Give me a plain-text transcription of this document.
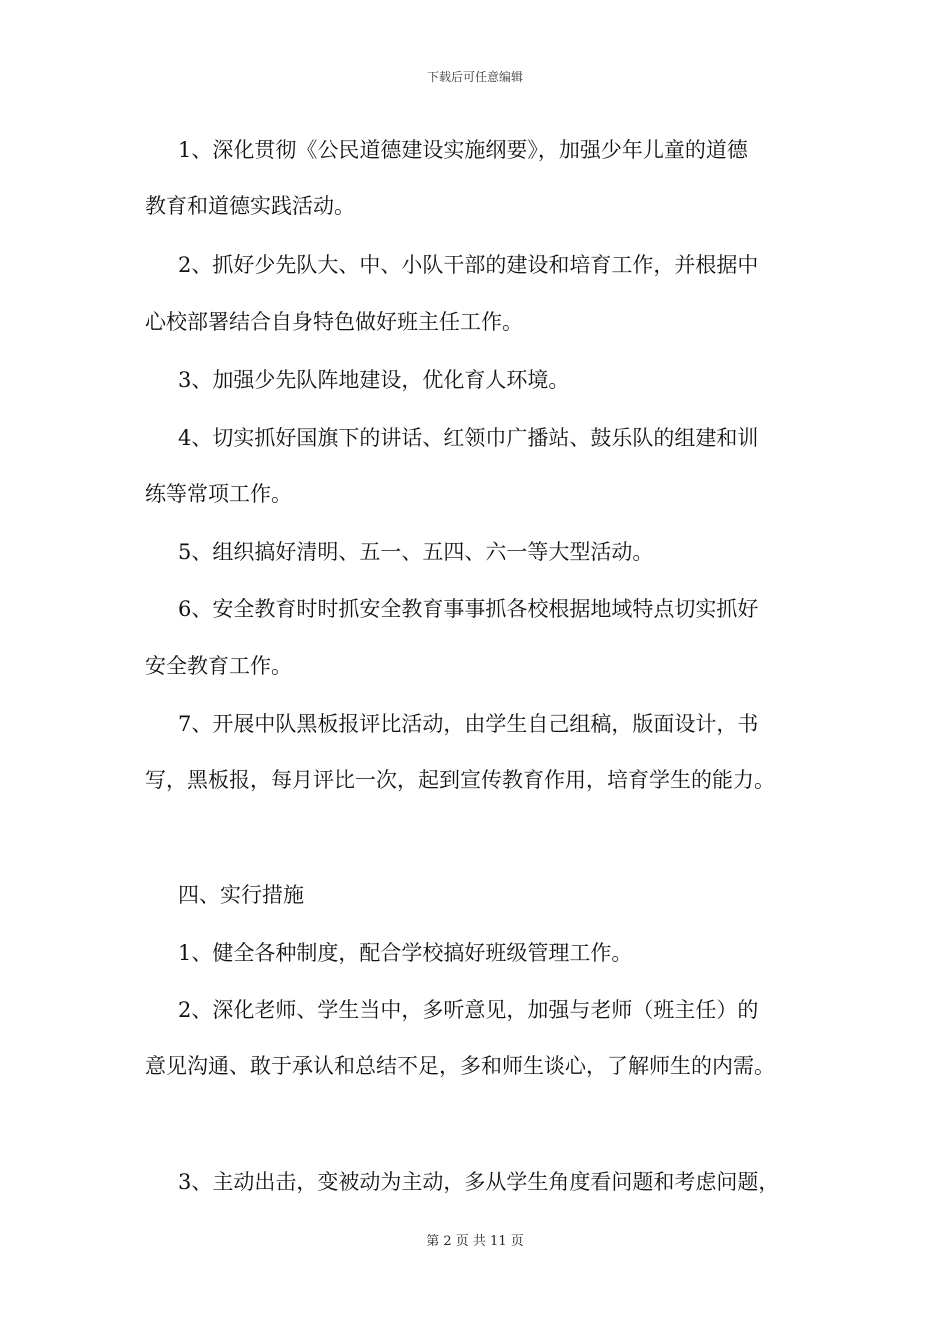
下载后可任意编辑
1、深化贯彻《公民道德建设实施纲要》，加强少年儿童的道德
教育和道德实践活动。
2、抓好少先队大、中、小队干部的建设和培育工作，并根据中
心校部署结合自身特色做好班主任工作。
3、加强少先队阵地建设，优化育人环境。
4、切实抓好国旗下的讲话、红领巾广播站、鼓乐队的组建和训
练等常项工作。
5、组织搞好清明、五一、五四、六一等大型活动。
6、安全教育时时抓安全教育事事抓各校根据地域特点切实抓好
安全教育工作。
7、开展中队黑板报评比活动，由学生自己组稿，版面设计，书
写，黑板报，每月评比一次，起到宣传教育作用，培育学生的能力。
四、实行措施
1、健全各种制度，配合学校搞好班级管理工作。
2、深化老师、学生当中，多听意见，加强与老师（班主任）的
意见沟通、敢于承认和总结不足，多和师生谈心，了解师生的内需。
3、主动出击，变被动为主动，多从学生角度看问题和考虑问题，
第 2 页 共 11 页
